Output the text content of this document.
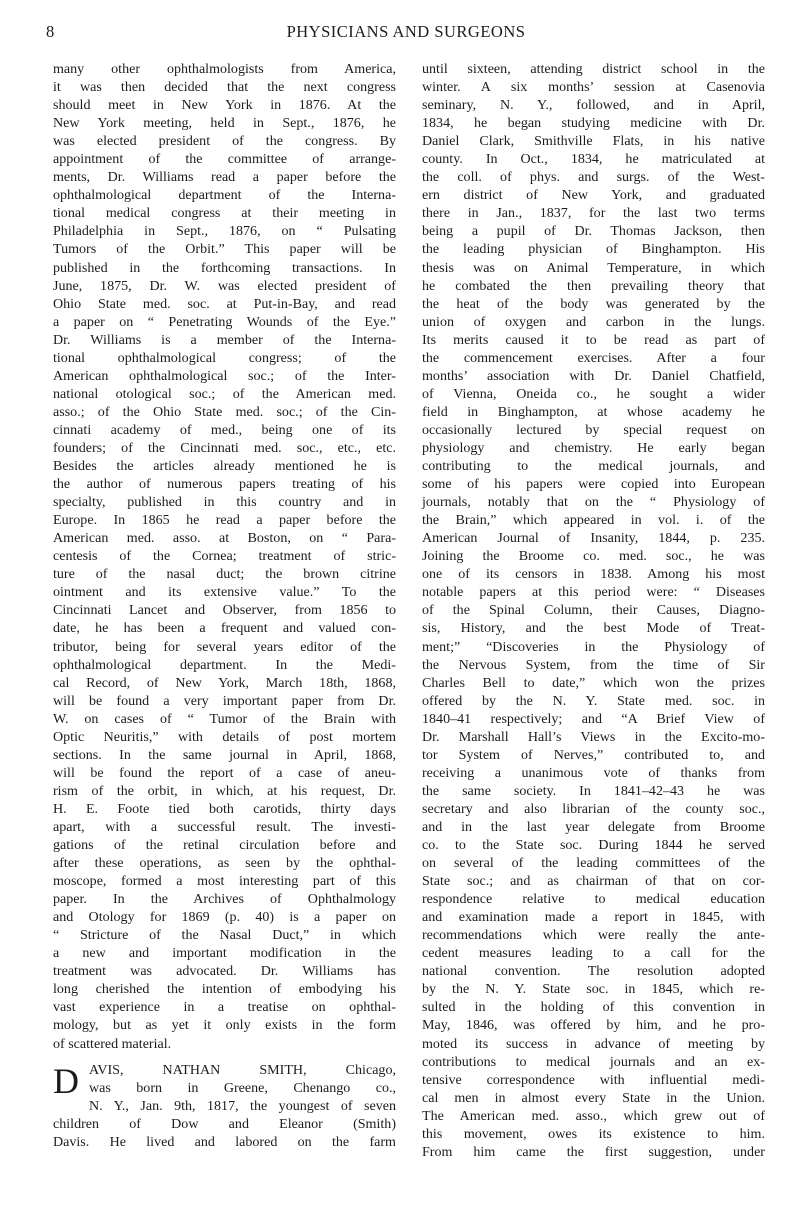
8	PHYSICIANS AND SURGEONS
many other ophthalmologists from America,
it was then decided that the next congress
should meet in New York in 1876. At the
New York meeting, held in Sept., 1876, he
was elected president of the congress. By
appointment of the committee of arrange-
ments, Dr. Williams read a paper before the
ophthalmological department of the Interna-
tional medical congress at their meeting in
Philadelphia in Sept., 1876, on “ Pulsating
Tumors of the Orbit.” This paper will be
published in the forthcoming transactions. In
June, 1875, Dr. W. was elected president of
Ohio State med. soc. at Put-in-Bay, and read
a paper on “ Penetrating Wounds of the Eye.”
Dr. Williams is a member of the Interna-
tional ophthalmological congress; of the
American ophthalmological soc.; of the Inter-
national otological soc.; of the American med.
asso.; of the Ohio State med. soc.; of the Cin-
cinnati academy of med., being one of its
founders; of the Cincinnati med. soc., etc., etc.
Besides the articles already mentioned he is
the author of numerous papers treating of his
specialty, published in this country and in
Europe. In 1865 he read a paper before the
American med. asso. at Boston, on “ Para-
centesis of the Cornea; treatment of stric-
ture of the nasal duct; the brown citrine
ointment and its extensive value.” To the
Cincinnati Lancet and Observer, from 1856 to
date, he has been a frequent and valued con-
tributor, being for several years editor of the
ophthalmological department. In the Medi-
cal Record, of New York, March 18th, 1868,
will be found a very important paper from Dr.
W. on cases of “ Tumor of the Brain with
Optic Neuritis,” with details of post mortem
sections. In the same journal in April, 1868,
will be found the report of a case of aneu-
rism of the orbit, in which, at his request, Dr.
H. E. Foote tied both carotids, thirty days
apart, with a successful result. The investi-
gations of the retinal circulation before and
after these operations, as seen by the ophthal-
moscope, formed a most interesting part of this
paper. In the Archives of Ophthalmology
and Otology for 1869 (p. 40) is a paper on
“ Stricture of the Nasal Duct,” in which
a new and important modification in the
treatment was advocated. Dr. Williams has
long cherished the intention of embodying his
vast experience in a treatise on ophthal-
mology, but as yet it only exists in the form
of scattered material.
D AVIS, NATHAN SMITH, Chicago,
was born in Greene, Chenango co.,
N. Y., Jan. 9th, 1817, the youngest of seven
children of Dow and Eleanor (Smith)
Davis. He lived and labored on the farm
until sixteen, attending district school in the
winter. A six months’ session at Casenovia
seminary, N. Y., followed, and in April,
1834, he began studying medicine with Dr.
Daniel Clark, Smithville Flats, in his native
county. In Oct., 1834, he matriculated at
the coll. of phys. and surgs. of the West-
ern district of New York, and graduated
there in Jan., 1837, for the last two terms
being a pupil of Dr. Thomas Jackson, then
the leading physician of Binghampton. His
thesis was on Animal Temperature, in which
he combated the then prevailing theory that
the heat of the body was generated by the
union of oxygen and carbon in the lungs.
Its merits caused it to be read as part of
the commencement exercises. After a four
months’ association with Dr. Daniel Chatfield,
of Vienna, Oneida co., he sought a wider
field in Binghampton, at whose academy he
occasionally lectured by special request on
physiology and chemistry. He early began
contributing to the medical journals, and
some of his papers were copied into European
journals, notably that on the “ Physiology of
the Brain,” which appeared in vol. i. of the
American Journal of Insanity, 1844, p. 235.
Joining the Broome co. med. soc., he was
one of its censors in 1838. Among his most
notable papers at this period were: “ Diseases
of the Spinal Column, their Causes, Diagno-
sis, History, and the best Mode of Treat-
ment;” “Discoveries in the Physiology of
the Nervous System, from the time of Sir
Charles Bell to date,” which won the prizes
offered by the N. Y. State med. soc. in
1840–41 respectively; and “A Brief View of
Dr. Marshall Hall’s Views in the Excito-mo-
tor System of Nerves,” contributed to, and
receiving a unanimous vote of thanks from
the same society. In 1841–42–43 he was
secretary and also librarian of the county soc.,
and in the last year delegate from Broome
co. to the State soc. During 1844 he served
on several of the leading committees of the
State soc.; and as chairman of that on cor-
respondence relative to medical education
and examination made a report in 1845, with
recommendations which were really the ante-
cedent measures leading to a call for the
national convention. The resolution adopted
by the N. Y. State soc. in 1845, which re-
sulted in the holding of this convention in
May, 1846, was offered by him, and he pro-
moted its success in advance of meeting by
contributions to medical journals and an ex-
tensive correspondence with influential medi-
cal men in almost every State in the Union.
The American med. asso., which grew out of
this movement, owes its existence to him.
From him came the first suggestion, under
